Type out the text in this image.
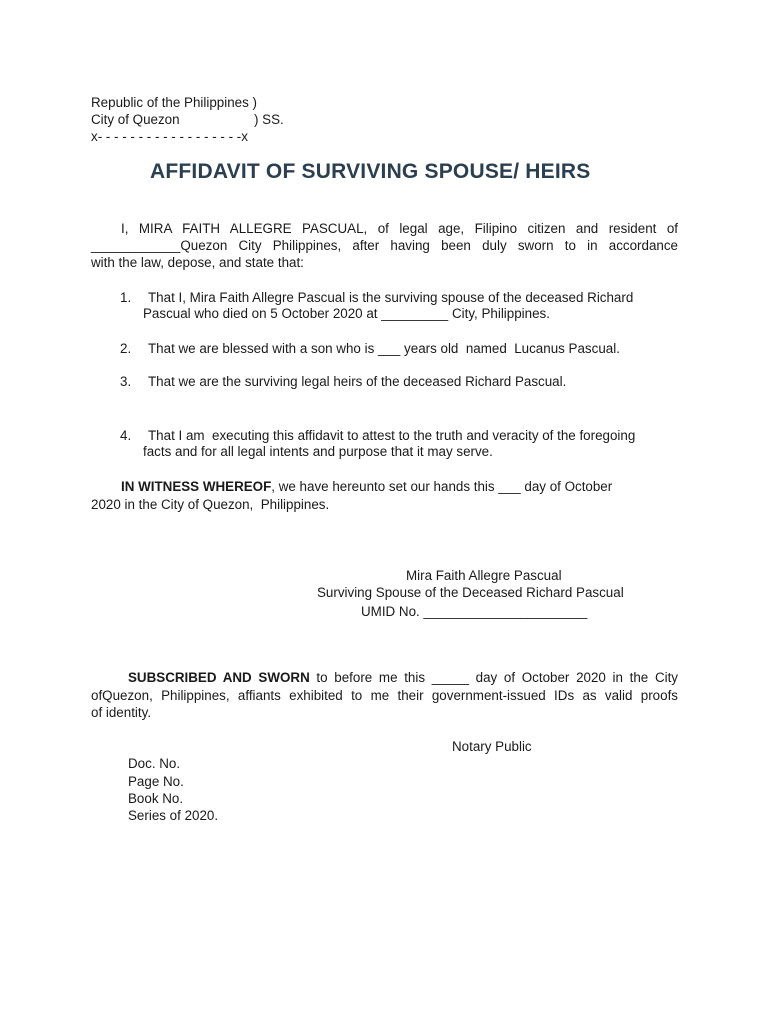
Republic of the Philippines )
City of Quezon	) SS.
x- - - - - - - - - - - - - - - - - -x
AFFIDAVIT OF SURVIVING SPOUSE/ HEIRS
I, MIRA FAITH ALLEGRE PASCUAL, of legal age, Filipino citizen and resident of
____________Quezon City Philippines, after having been duly sworn to in accordance
with the law, depose, and state that:
1. That I, Mira Faith Allegre Pascual is the surviving spouse of the deceased Richard
Pascual who died on 5 October 2020 at _________ City, Philippines.
2. That we are blessed with a son who is ___ years old  named  Lucanus Pascual.
3. That we are the surviving legal heirs of the deceased Richard Pascual.
4. That I am  executing this affidavit to attest to the truth and veracity of the foregoing
facts and for all legal intents and purpose that it may serve.
IN WITNESS WHEREOF, we have hereunto set our hands this ___ day of October
2020 in the City of Quezon,  Philippines.
Mira Faith Allegre Pascual
Surviving Spouse of the Deceased Richard Pascual
UMID No. ______________________
SUBSCRIBED AND SWORN to before me this _____ day of October 2020 in the City
ofQuezon, Philippines, affiants exhibited to me their government-issued IDs as valid proofs
of identity.
Notary Public
Doc. No.
Page No.
Book No.
Series of 2020.
